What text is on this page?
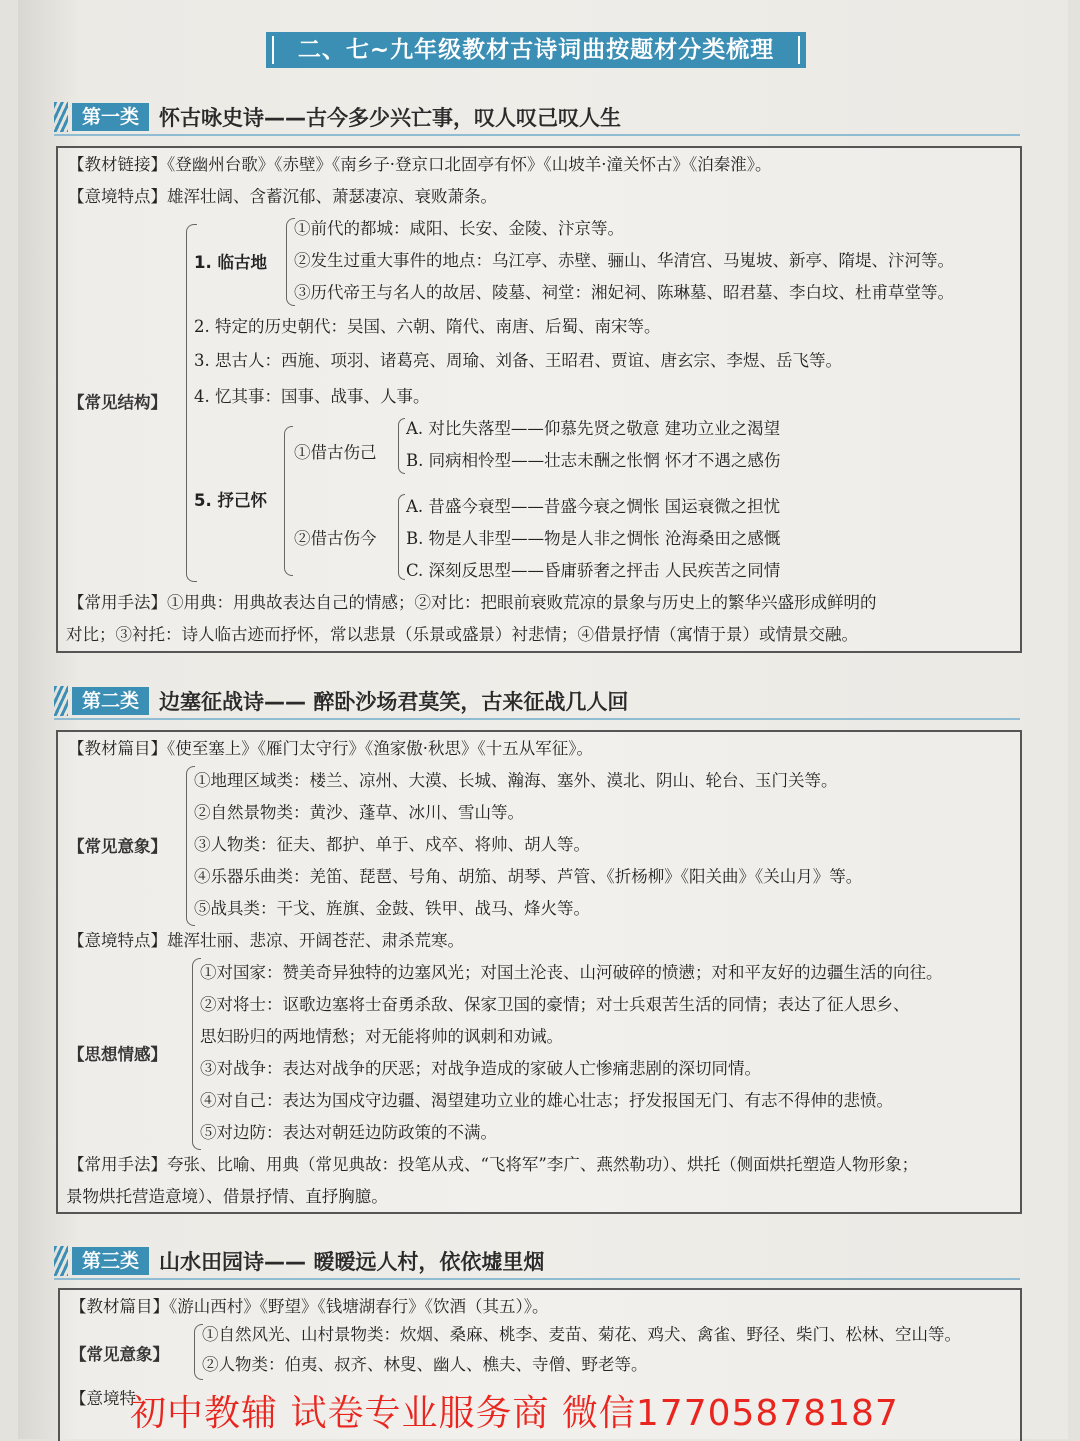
二、七~九年级教材古诗词曲按题材分类梳理
第一类 怀古咏史诗——古今多少兴亡事，叹人叹己叹人生
【教材链接】《登幽州台歌》《赤壁》《南乡子·登京口北固亭有怀》《山坡羊·潼关怀古》《泊秦淮》。
【意境特点】雄浑壮阔、含蓄沉郁、萧瑟凄凉、衰败萧条。
【常见结构】
1. 临古地
①前代的都城：咸阳、长安、金陵、汴京等。
②发生过重大事件的地点：乌江亭、赤壁、骊山、华清宫、马嵬坡、新亭、隋堤、汴河等。
③历代帝王与名人的故居、陵墓、祠堂：湘妃祠、陈琳墓、昭君墓、李白坟、杜甫草堂等。
2. 特定的历史朝代：吴国、六朝、隋代、南唐、后蜀、南宋等。
3. 思古人：西施、项羽、诸葛亮、周瑜、刘备、王昭君、贾谊、唐玄宗、李煜、岳飞等。
4. 忆其事：国事、战事、人事。
5. 抒己怀
①借古伤己
A. 对比失落型——仰慕先贤之敬意 建功立业之渴望
B. 同病相怜型——壮志未酬之怅惘 怀才不遇之感伤
②借古伤今
A. 昔盛今衰型——昔盛今衰之惆怅 国运衰微之担忧
B. 物是人非型——物是人非之惆怅 沧海桑田之感慨
C. 深刻反思型——昏庸骄奢之抨击 人民疾苦之同情
【常用手法】①用典：用典故表达自己的情感；②对比：把眼前衰败荒凉的景象与历史上的繁华兴盛形成鲜明的
对比；③衬托：诗人临古迹而抒怀，常以悲景（乐景或盛景）衬悲情；④借景抒情（寓情于景）或情景交融。
第二类 边塞征战诗—— 醉卧沙场君莫笑，古来征战几人回
【教材篇目】《使至塞上》《雁门太守行》《渔家傲·秋思》《十五从军征》。
【常见意象】
①地理区域类：楼兰、凉州、大漠、长城、瀚海、塞外、漠北、阴山、轮台、玉门关等。
②自然景物类：黄沙、蓬草、冰川、雪山等。
③人物类：征夫、都护、单于、戍卒、将帅、胡人等。
④乐器乐曲类：羌笛、琵琶、号角、胡笳、胡琴、芦管、《折杨柳》《阳关曲》《关山月》等。
⑤战具类：干戈、旌旗、金鼓、铁甲、战马、烽火等。
【意境特点】雄浑壮丽、悲凉、开阔苍茫、肃杀荒寒。
【思想情感】
①对国家：赞美奇异独特的边塞风光；对国土沦丧、山河破碎的愤懑；对和平友好的边疆生活的向往。
②对将士：讴歌边塞将士奋勇杀敌、保家卫国的豪情；对士兵艰苦生活的同情；表达了征人思乡、
思妇盼归的两地情愁；对无能将帅的讽刺和劝诫。
③对战争：表达对战争的厌恶；对战争造成的家破人亡惨痛悲剧的深切同情。
④对自己：表达为国戍守边疆、渴望建功立业的雄心壮志；抒发报国无门、有志不得伸的悲愤。
⑤对边防：表达对朝廷边防政策的不满。
【常用手法】夸张、比喻、用典（常见典故：投笔从戎、“飞将军”李广、燕然勒功）、烘托（侧面烘托塑造人物形象；
景物烘托营造意境）、借景抒情、直抒胸臆。
第三类 山水田园诗—— 暧暧远人村，依依墟里烟
【教材篇目】《游山西村》《野望》《钱塘湖春行》《饮酒（其五）》。
【常见意象】
①自然风光、山村景物类：炊烟、桑麻、桃李、麦苗、菊花、鸡犬、禽雀、野径、柴门、松林、空山等。
②人物类：伯夷、叔齐、林叟、幽人、樵夫、寺僧、野老等。
【意境特
初中教辅 试卷专业服务商 微信17705878187
